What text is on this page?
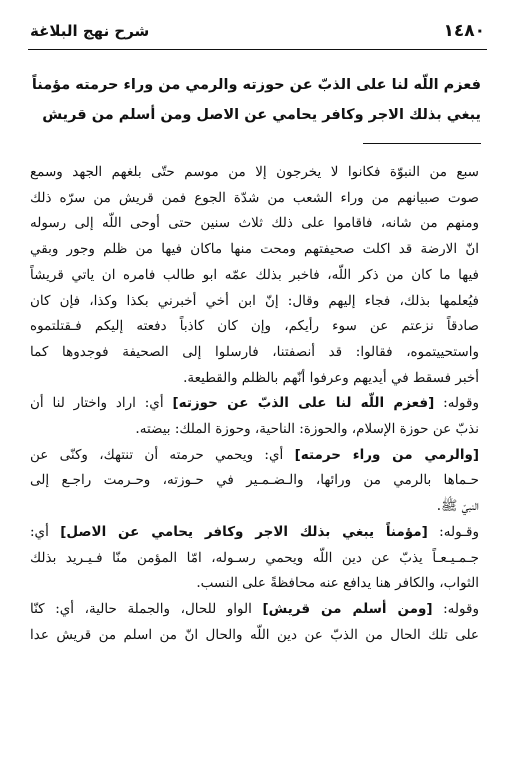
شرح نهج البلاغة	١٤٨٠
فعزم اللّه لنا على الذبّ عن حوزته والرمي من وراء حرمته مؤمناً
يبغي بذلك الاجر وكافر يحامي عن الاصل ومن أسلم من قريش
سبع من النبوّة فكانوا لا يخرجون إلا من موسم حتّى بلغهم الجهد وسمع
صوت صبيانهم من وراء الشعب من شدّة الجوع فمن قريش من سرّه ذلك
ومنهم من شانه، فاقاموا على ذلك ثلاث سنين حتى أوحى اللّه إلى رسوله
انّ الارضة قد اكلت صحيفتهم ومحت منها ماكان فيها من ظلم وجور وبقي
فيها ما كان من ذكر اللّه، فاخبر بذلك عمّه ابو طالب فامره ان ياتي قريشاً
فيُعلمها بذلك، فجاء إليهم وقال: إنّ ابن أخي أخبرني بكذا وكذا، فإن كان
صادقاً نزعتم عن سوء رأيكم، وإن كان كاذباً دفعته إليكم فـقتلتموه
واستحييتموه، فقالوا: قد أنصفتنا، فارسلوا إلى الصحيفة فوجدوها كما
أخبر فسقط في أيديهم وعرفوا أنّهم بالظلم والقطيعة.
وقوله: [فعزم اللّه لنا على الذبّ عن حوزته] أي: اراد واختار لنا أن
نذبّ عن حوزة الإسلام، والحوزة: الناحية، وحوزة الملك: بيضته.
[والرمي من وراء حرمته] أي: ويحمي حرمته أن تنتهك، وكنّى عن
حـماها بالرمي من ورائها، والـضـمـير في حـوزته، وحـرمت راجـع إلى
النبيّ ﷺ.
وقـوله: [مؤمناً يبغي بذلك الاجر وكافر يحامي عن الاصل] أي:
جـمـيـعـاً يذبّ عن دين اللّه ويحمي رسـوله، امّا المؤمن منّا فـيـريد بذلك
الثواب، والكافر هنا يدافع عنه محافظةً على النسب.
وقوله: [ومن أسلم من قريش] الواو للحال، والجملة حالية، أي: كنّا
على تلك الحال من الذبّ عن دين اللّه والحال انّ من اسلم من قريش عدا
